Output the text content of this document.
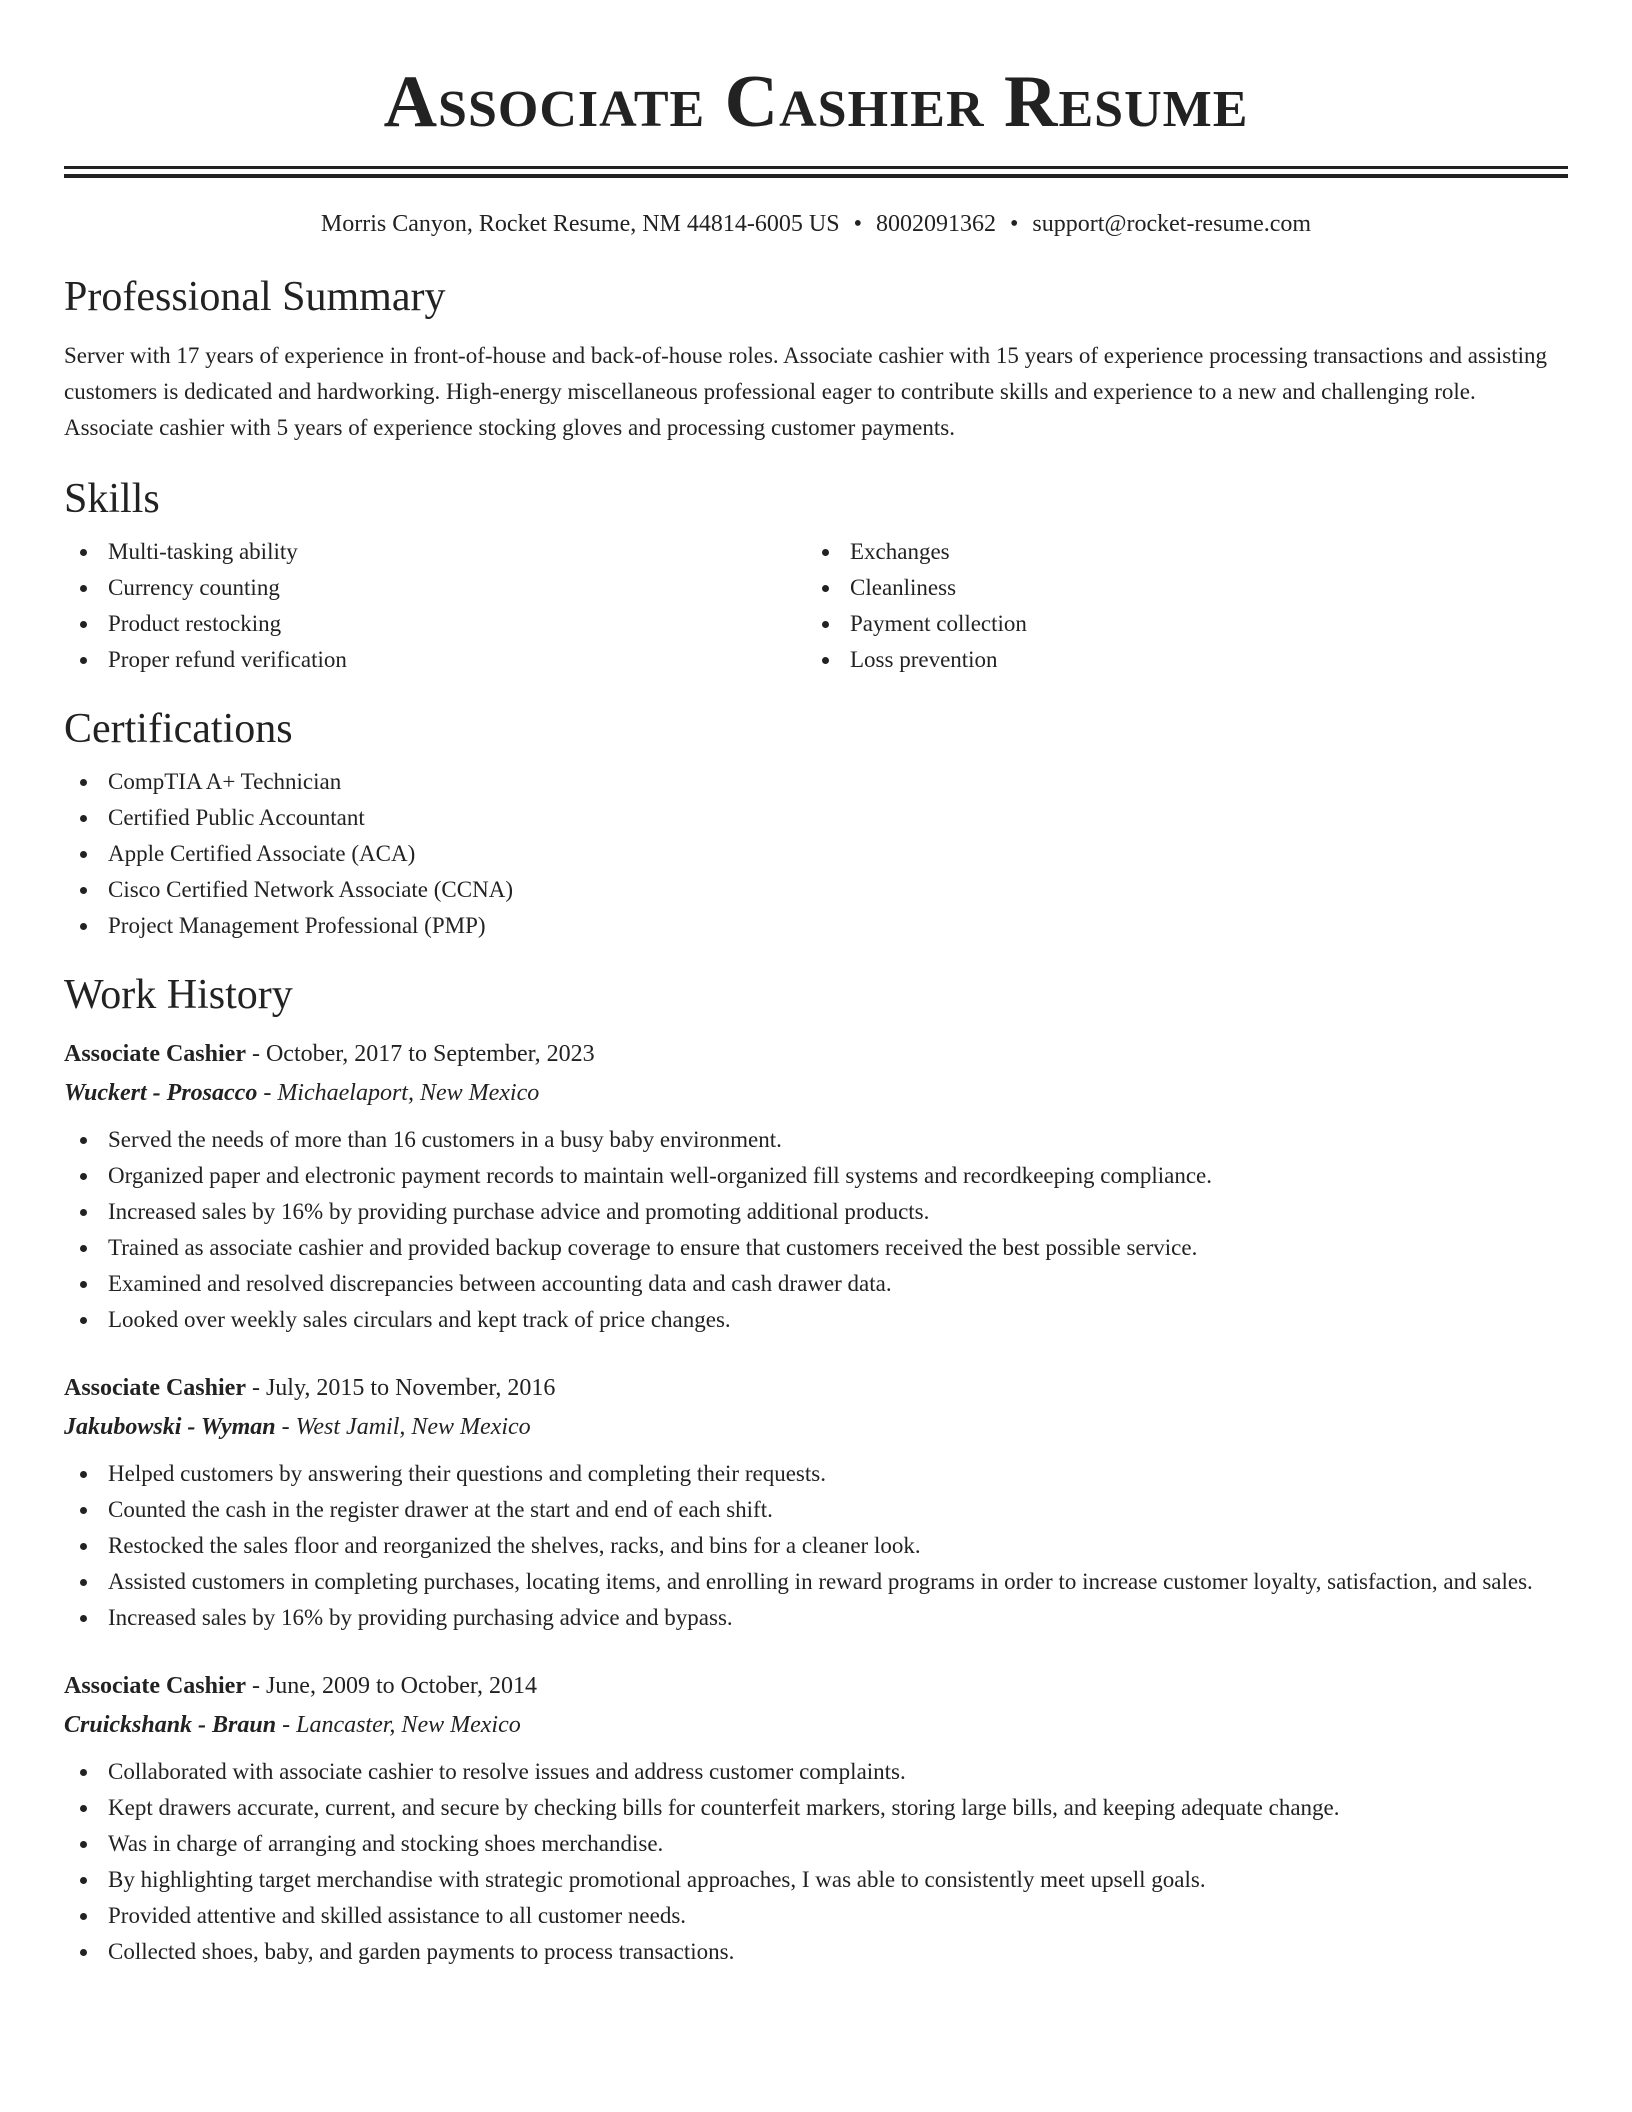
Associate Cashier Resume
Morris Canyon, Rocket Resume, NM 44814-6005 US • 8002091362 • support@rocket-resume.com
Professional Summary
Server with 17 years of experience in front-of-house and back-of-house roles. Associate cashier with 15 years of experience processing transactions and assisting customers is dedicated and hardworking. High-energy miscellaneous professional eager to contribute skills and experience to a new and challenging role. Associate cashier with 5 years of experience stocking gloves and processing customer payments.
Skills
Multi-tasking ability
Currency counting
Product restocking
Proper refund verification
Exchanges
Cleanliness
Payment collection
Loss prevention
Certifications
CompTIA A+ Technician
Certified Public Accountant
Apple Certified Associate (ACA)
Cisco Certified Network Associate (CCNA)
Project Management Professional (PMP)
Work History
Associate Cashier - October, 2017 to September, 2023
Wuckert - Prosacco - Michaelaport, New Mexico
Served the needs of more than 16 customers in a busy baby environment.
Organized paper and electronic payment records to maintain well-organized fill systems and recordkeeping compliance.
Increased sales by 16% by providing purchase advice and promoting additional products.
Trained as associate cashier and provided backup coverage to ensure that customers received the best possible service.
Examined and resolved discrepancies between accounting data and cash drawer data.
Looked over weekly sales circulars and kept track of price changes.
Associate Cashier - July, 2015 to November, 2016
Jakubowski - Wyman - West Jamil, New Mexico
Helped customers by answering their questions and completing their requests.
Counted the cash in the register drawer at the start and end of each shift.
Restocked the sales floor and reorganized the shelves, racks, and bins for a cleaner look.
Assisted customers in completing purchases, locating items, and enrolling in reward programs in order to increase customer loyalty, satisfaction, and sales.
Increased sales by 16% by providing purchasing advice and bypass.
Associate Cashier - June, 2009 to October, 2014
Cruickshank - Braun - Lancaster, New Mexico
Collaborated with associate cashier to resolve issues and address customer complaints.
Kept drawers accurate, current, and secure by checking bills for counterfeit markers, storing large bills, and keeping adequate change.
Was in charge of arranging and stocking shoes merchandise.
By highlighting target merchandise with strategic promotional approaches, I was able to consistently meet upsell goals.
Provided attentive and skilled assistance to all customer needs.
Collected shoes, baby, and garden payments to process transactions.
